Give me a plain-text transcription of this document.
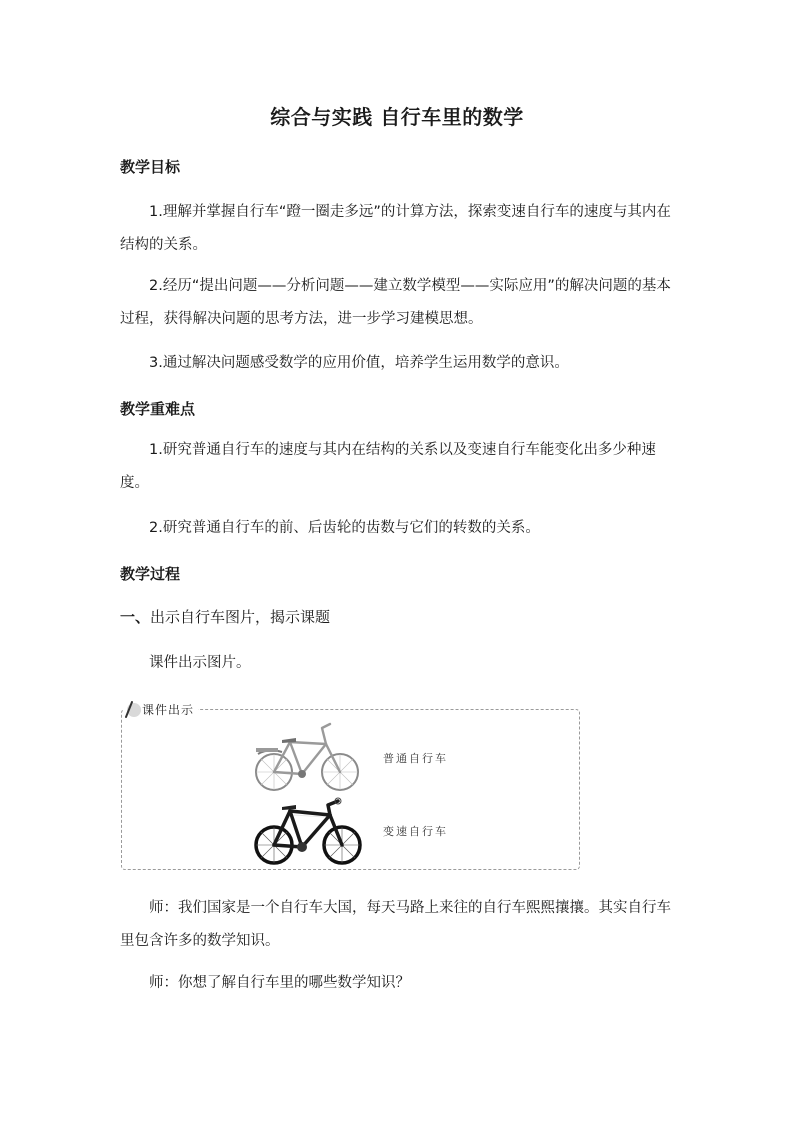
综合与实践 自行车里的数学
教学目标

1.理解并掌握自行车“蹬一圈走多远”的计算方法，探索变速自行车的速度与其内在结构的关系。

2.经历“提出问题——分析问题——建立数学模型——实际应用”的解决问题的基本过程，获得解决问题的思考方法，进一步学习建模思想。

3.通过解决问题感受数学的应用价值，培养学生运用数学的意识。
教学重难点

1.研究普通自行车的速度与其内在结构的关系以及变速自行车能变化出多少种速度。

2.研究普通自行车的前、后齿轮的齿数与它们的转数的关系。
教学过程
一、出示自行车图片，揭示课题
课件出示图片。
课件出示
普通自行车
变速自行车

师：我们国家是一个自行车大国，每天马路上来往的自行车熙熙攘攘。其实自行车里包含许多的数学知识。

师：你想了解自行车里的哪些数学知识？
